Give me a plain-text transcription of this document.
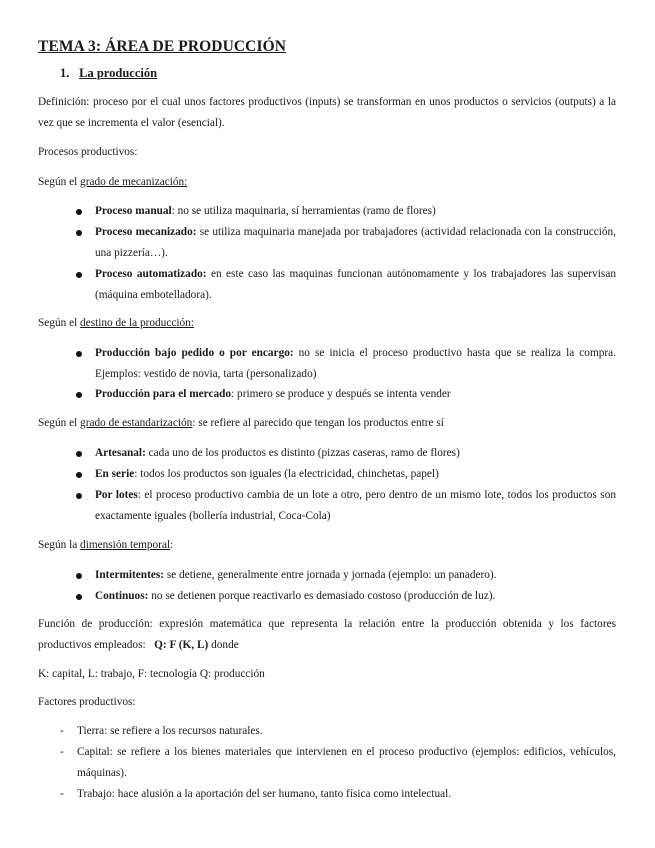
TEMA 3: ÁREA DE PRODUCCIÓN
1. La producción

Definición: proceso por el cual unos factores productivos (inputs) se transforman en unos productos o servicios (outputs) a la vez que se incrementa el valor (esencial).

Procesos productivos:

Según el grado de mecanización:

Proceso manual: no se utiliza maquinaria, sí herramientas (ramo de flores)
Proceso mecanizado: se utiliza maquinaria manejada por trabajadores (actividad relacionada con la construcción, una pizzería…).
Proceso automatizado: en este caso las maquinas funcionan autónomamente y los trabajadores las supervisan (máquina embotelladora).

Según el destino de la producción:

Producción bajo pedido o por encargo: no se inicia el proceso productivo hasta que se realiza la compra. Ejemplos: vestido de novia, tarta (personalizado)
Producción para el mercado: primero se produce y después se intenta vender

Según el grado de estandarización: se refiere al parecido que tengan los productos entre sí

Artesanal: cada uno de los productos es distinto (pizzas caseras, ramo de flores)
En serie: todos los productos son iguales (la electricidad, chinchetas, papel)
Por lotes: el proceso productivo cambia de un lote a otro, pero dentro de un mismo lote, todos los productos son exactamente iguales (bollería industrial, Coca-Cola)

Según la dimensión temporal:

Intermitentes: se detiene, generalmente entre jornada y jornada (ejemplo: un panadero).
Continuos: no se detienen porque reactivarlo es demasiado costoso (producción de luz).

Función de producción: expresión matemática que representa la relación entre la producción obtenida y los factores productivos empleados: Q: F (K, L) donde

K: capital, L: trabajo, F: tecnología Q: producción

Factores productivos:

- Tierra: se refiere a los recursos naturales.
- Capital: se refiere a los bienes materiales que intervienen en el proceso productivo (ejemplos: edificios, vehículos, máquinas).
- Trabajo: hace alusión a la aportación del ser humano, tanto física como intelectual.
